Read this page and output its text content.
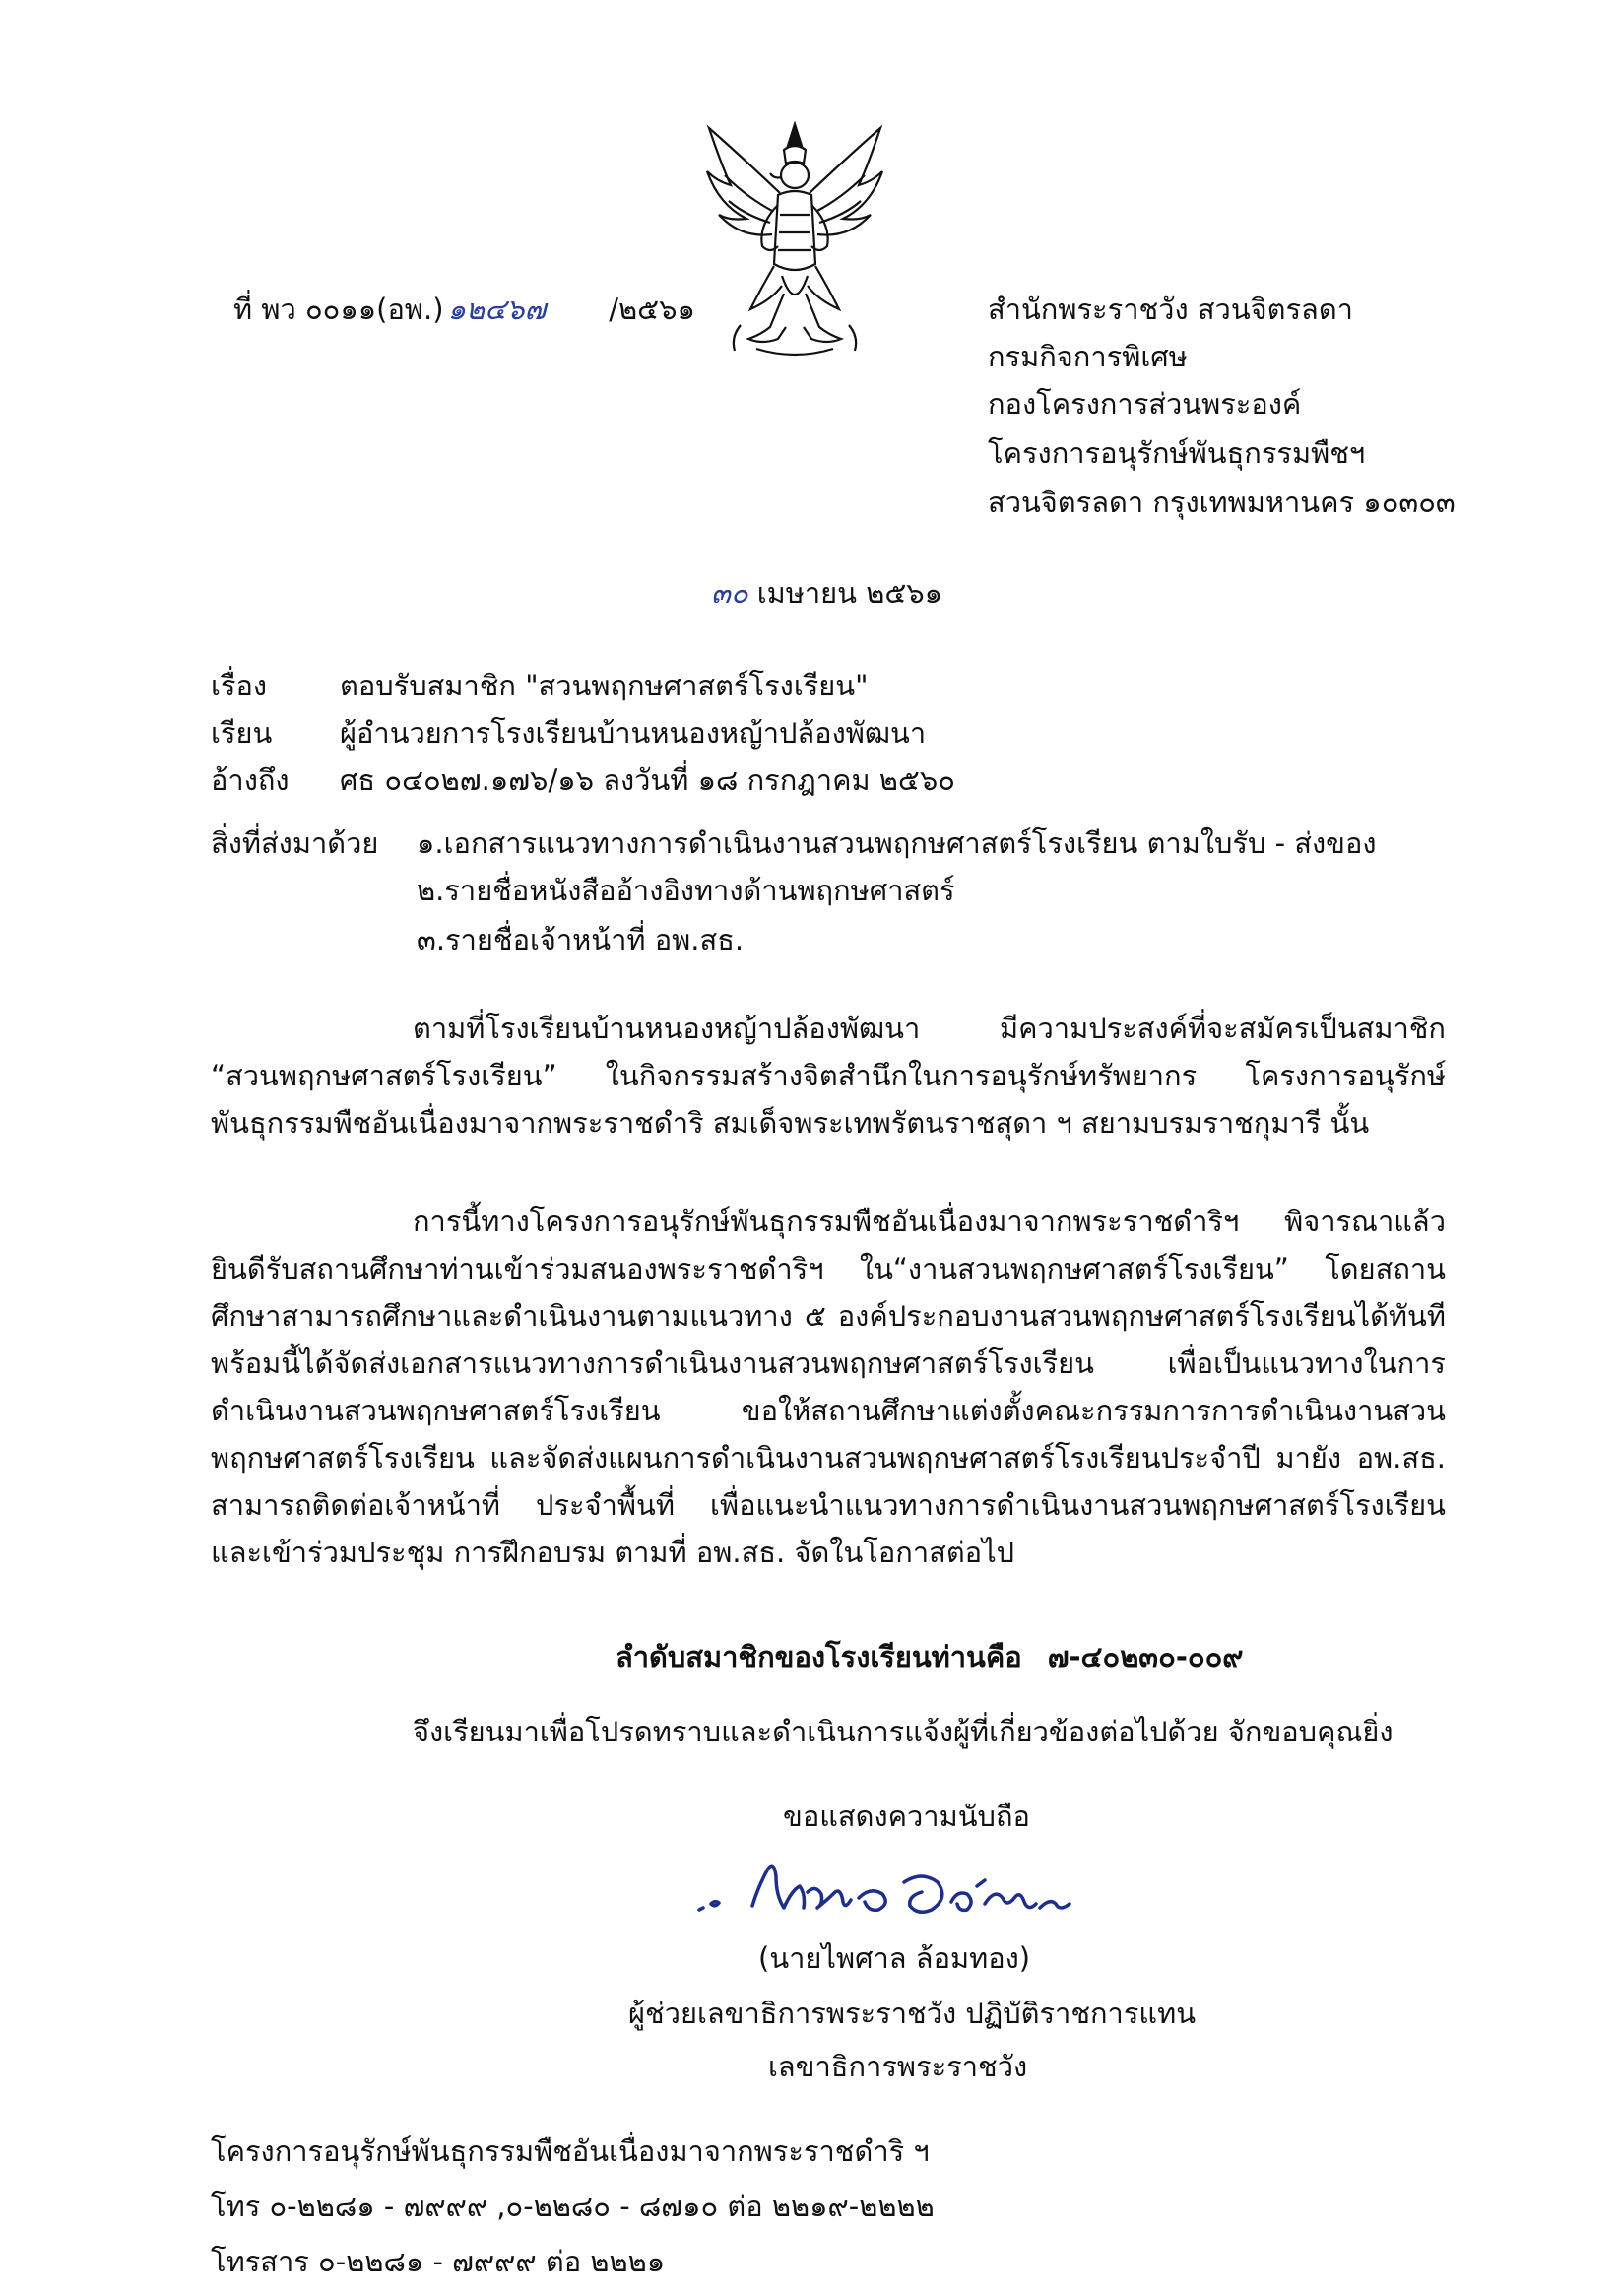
ที่ พว ๐๐๑๑(อพ.) ๑๒๔๖๗ /๒๕๖๑	สำนักพระราชวัง สวนจิตรลดา
กรมกิจการพิเศษ
กองโครงการส่วนพระองค์
โครงการอนุรักษ์พันธุกรรมพืชฯ
สวนจิตรลดา กรุงเทพมหานคร ๑๐๓๐๓
๓๐ เมษายน ๒๕๖๑
เรื่อง	ตอบรับสมาชิก "สวนพฤกษศาสตร์โรงเรียน"
เรียน ผู้อำนวยการโรงเรียนบ้านหนองหญ้าปล้องพัฒนา
อ้างถึง ศธ ๐๔๐๒๗.๑๗๖/๑๖ ลงวันที่ ๑๘ กรกฎาคม ๒๕๖๐
สิ่งที่ส่งมาด้วย ๑.เอกสารแนวทางการดำเนินงานสวนพฤกษศาสตร์โรงเรียน ตามใบรับ - ส่งของ
๒.รายชื่อหนังสืออ้างอิงทางด้านพฤกษศาสตร์
๓.รายชื่อเจ้าหน้าที่ อพ.สธ.

ตามที่โรงเรียนบ้านหนองหญ้าปล้องพัฒนา มีความประสงค์ที่จะสมัครเป็นสมาชิก “สวนพฤกษศาสตร์โรงเรียน” ในกิจกรรมสร้างจิตสำนึกในการอนุรักษ์ทรัพยากร โครงการอนุรักษ์พันธุกรรมพืชอันเนื่องมาจากพระราชดำริ สมเด็จพระเทพรัตนราชสุดา ฯ สยามบรมราชกุมารี นั้น

การนี้ทางโครงการอนุรักษ์พันธุกรรมพืชอันเนื่องมาจากพระราชดำริฯ พิจารณาแล้ว ยินดีรับสถานศึกษาท่านเข้าร่วมสนองพระราชดำริฯ ใน“งานสวนพฤกษศาสตร์โรงเรียน” โดยสถานศึกษาสามารถศึกษาและดำเนินงานตามแนวทาง ๕ องค์ประกอบงานสวนพฤกษศาสตร์โรงเรียนได้ทันที พร้อมนี้ได้จัดส่งเอกสารแนวทางการดำเนินงานสวนพฤกษศาสตร์โรงเรียน เพื่อเป็นแนวทางในการดำเนินงานสวนพฤกษศาสตร์โรงเรียน ขอให้สถานศึกษาแต่งตั้งคณะกรรมการการดำเนินงานสวนพฤกษศาสตร์โรงเรียน และจัดส่งแผนการดำเนินงานสวนพฤกษศาสตร์โรงเรียนประจำปี มายัง อพ.สธ. สามารถติดต่อเจ้าหน้าที่ ประจำพื้นที่ เพื่อแนะนำแนวทางการดำเนินงานสวนพฤกษศาสตร์โรงเรียน และเข้าร่วมประชุม การฝึกอบรม ตามที่ อพ.สธ. จัดในโอกาสต่อไป

ลำดับสมาชิกของโรงเรียนท่านคือ ๗-๔๐๒๓๐-๐๐๙
จึงเรียนมาเพื่อโปรดทราบและดำเนินการแจ้งผู้ที่เกี่ยวข้องต่อไปด้วย จักขอบคุณยิ่ง
ขอแสดงความนับถือ
(นายไพศาล ล้อมทอง)
ผู้ช่วยเลขาธิการพระราชวัง ปฏิบัติราชการแทน
เลขาธิการพระราชวัง
โครงการอนุรักษ์พันธุกรรมพืชอันเนื่องมาจากพระราชดำริ ฯ
โทร ๐-๒๒๘๑ - ๗๙๙๙ ,๐-๒๒๘๐ - ๘๗๑๐ ต่อ ๒๒๑๙-๒๒๒๒
โทรสาร ๐-๒๒๘๑ - ๗๙๙๙ ต่อ ๒๒๒๑
